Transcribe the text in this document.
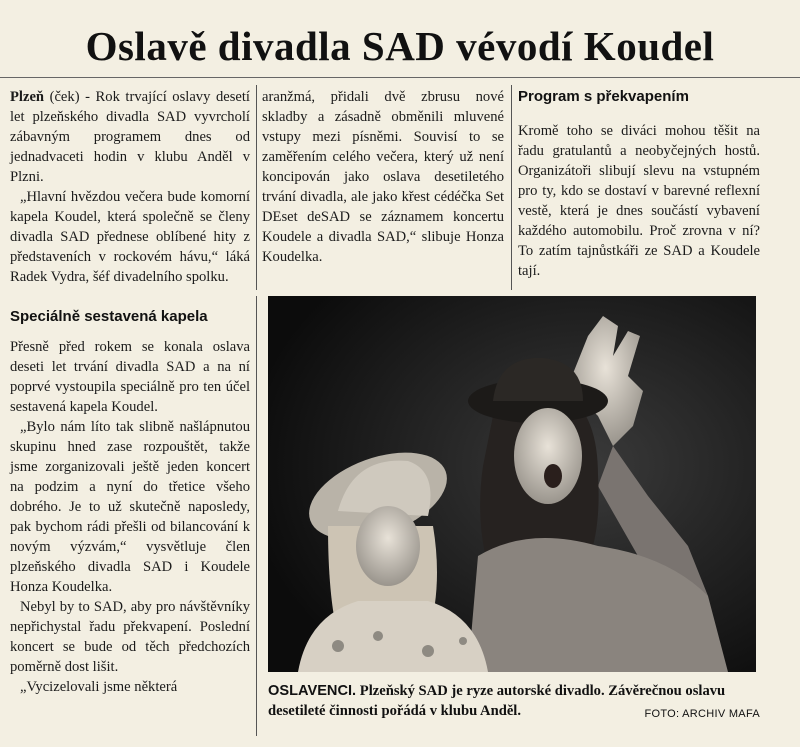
Oslavě divadla SAD vévodí Koudel

Plzeň (ček) - Rok trvající oslavy desetí let plzeňského divadla SAD vyvrcholí zábavným programem dnes od jednadvaceti hodin v klubu Anděl v Plzni.

„Hlavní hvězdou večera bude komorní kapela Koudel, která společně se členy divadla SAD přednese oblíbené hity z představeních v rockovém hávu,“ láká Radek Vydra, šéf divadelního spolku.

Speciálně sestavená kapela

Přesně před rokem se konala oslava deseti let trvání divadla SAD a na ní poprvé vystoupila speciálně pro ten účel sestavená kapela Koudel.

„Bylo nám líto tak slibně našlápnutou skupinu hned zase rozpouštět, takže jsme zorganizovali ještě jeden koncert na podzim a nyní do třetice všeho dobrého. Je to už skutečně naposledy, pak bychom rádi přešli od bilancování k novým výzvám,“ vysvětluje člen plzeňského divadla SAD i Koudele Honza Koudelka.

Nebyl by to SAD, aby pro návštěvníky nepřichystal řadu překvapení. Poslední koncert se bude od těch předchozích poměrně dost lišit.

„Vycizelovali jsme některá

aranžmá, přidali dvě zbrusu nové skladby a zásadně obměnili mluvené vstupy mezi písněmi. Souvisí to se zaměřením celého večera, který už není koncipován jako oslava desetiletého trvání divadla, ale jako křest cédéčka Set DEset deSAD se záznamem koncertu Koudele a divadla SAD,“ slibuje Honza Koudelka.

Program s překvapením

Kromě toho se diváci mohou těšit na řadu gratulantů a neobyčejných hostů. Organizátoři slibují slevu na vstupném pro ty, kdo se dostaví v barevné reflexní vestě, která je dnes součástí vybavení každého automobilu. Proč zrovna v ní? To zatím tajnůstkáři ze SAD a Koudele tají.

OSLAVENCI. Plzeňský SAD je ryze autorské divadlo. Závěrečnou oslavu desetileté činnosti pořádá v klubu Anděl.	FOTO: ARCHIV MAFA
